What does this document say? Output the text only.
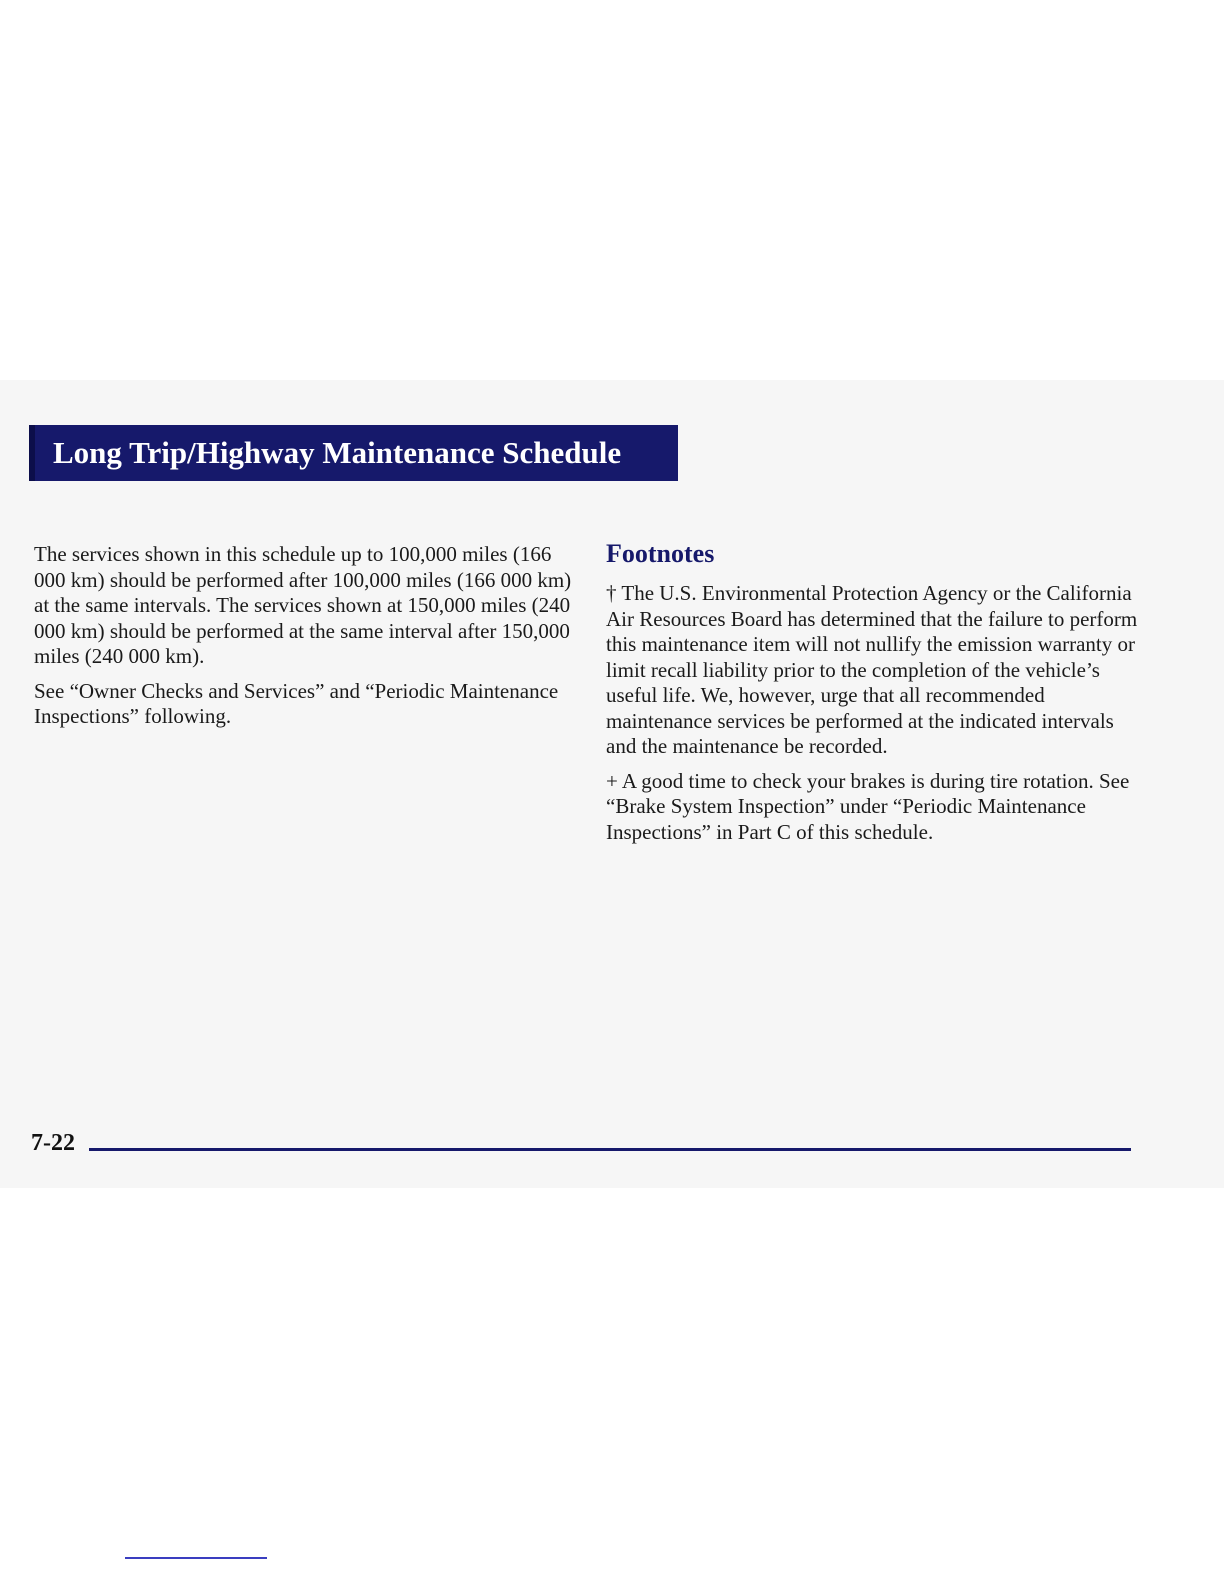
Long Trip/Highway Maintenance Schedule

The services shown in this schedule up to 100,000 miles (166 000 km) should be performed after 100,000 miles (166 000 km) at the same intervals. The services shown at 150,000 miles (240 000 km) should be performed at the same interval after 150,000 miles (240 000 km).

See “Owner Checks and Services” and “Periodic Maintenance Inspections” following.

Footnotes

† The U.S. Environmental Protection Agency or the California Air Resources Board has determined that the failure to perform this maintenance item will not nullify the emission warranty or limit recall liability prior to the completion of the vehicle’s useful life. We, however, urge that all recommended maintenance services be performed at the indicated intervals and the maintenance be recorded.

+ A good time to check your brakes is during tire rotation. See “Brake System Inspection” under “Periodic Maintenance Inspections” in Part C of this schedule.

7-22
